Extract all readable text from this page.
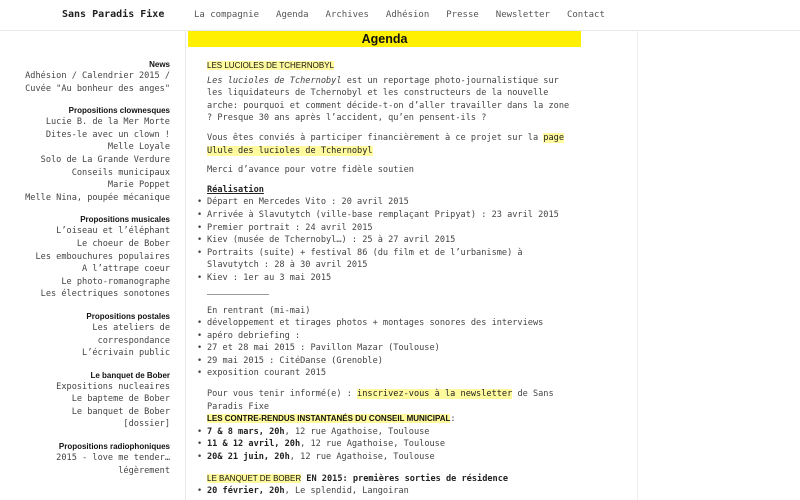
Sans Paradis Fixe	La compagnie Agenda Archives Adhésion Presse Newsletter Contact
News
Adhésion / Calendrier 2015 /
Cuvée "Au bonheur des anges"
Propositions clownesques
Lucie B. de la Mer Morte
Dites-le avec un clown !
Melle Loyale
Solo de La Grande Verdure
Conseils municipaux
Marie Poppet
Melle Nina, poupée mécanique
Propositions musicales
L’oiseau et l’éléphant
Le choeur de Bober
Les embouchures populaires
A l’attrape coeur
Le photo-romanographe
Les électriques sonotones
Propositions postales
Les ateliers de
correspondance
L’écrivain public
Le banquet de Bober
Expositions nucleaires
Le bapteme de Bober
Le banquet de Bober
[dossier]
Propositions radiophoniques
2015 - love me tender…
légèrement
Agenda

LES LUCIOLES DE TCHERNOBYL

Les lucioles de Tchernobyl est un reportage photo-journalistique sur les liquidateurs de Tchernobyl et les constructeurs de la nouvelle arche: pourquoi et comment décide-t-on d’aller travailler dans la zone ? Presque 30 ans après l’accident, qu’en pensent-ils ?

Vous êtes conviés à participer financièrement à ce projet sur la page Ulule des lucioles de Tchernobyl

Merci d’avance pour votre fidèle soutien

Réalisation
• Départ en Mercedes Vito : 20 avril 2015
• Arrivée à Slavutytch (ville-base remplaçant Pripyat) : 23 avril 2015
• Premier portrait : 24 avril 2015
• Kiev (musée de Tchernobyl…) : 25 à 27 avril 2015
• Portraits (suite) + festival 86 (du film et de l’urbanisme) à Slavutytch : 28 à 30 avril 2015
• Kiev : 1er au 3 mai 2015
En rentrant (mi-mai)
• développement et tirages photos + montages sonores des interviews
• apéro debriefing :
• 27 et 28 mai 2015 : Pavillon Mazar (Toulouse)
• 29 mai 2015 : CitéDanse (Grenoble)
• exposition courant 2015
Pour vous tenir informé(e) : inscrivez-vous à la newsletter de Sans Paradis Fixe
LES CONTRE-RENDUS INSTANTANÉS DU CONSEIL MUNICIPAL:
• 7 & 8 mars, 20h, 12 rue Agathoise, Toulouse
• 11 & 12 avril, 20h, 12 rue Agathoise, Toulouse
• 20& 21 juin, 20h, 12 rue Agathoise, Toulouse
LE BANQUET DE BOBER EN 2015: premières sorties de résidence
• 20 février, 20h, Le splendid, Langoiran
